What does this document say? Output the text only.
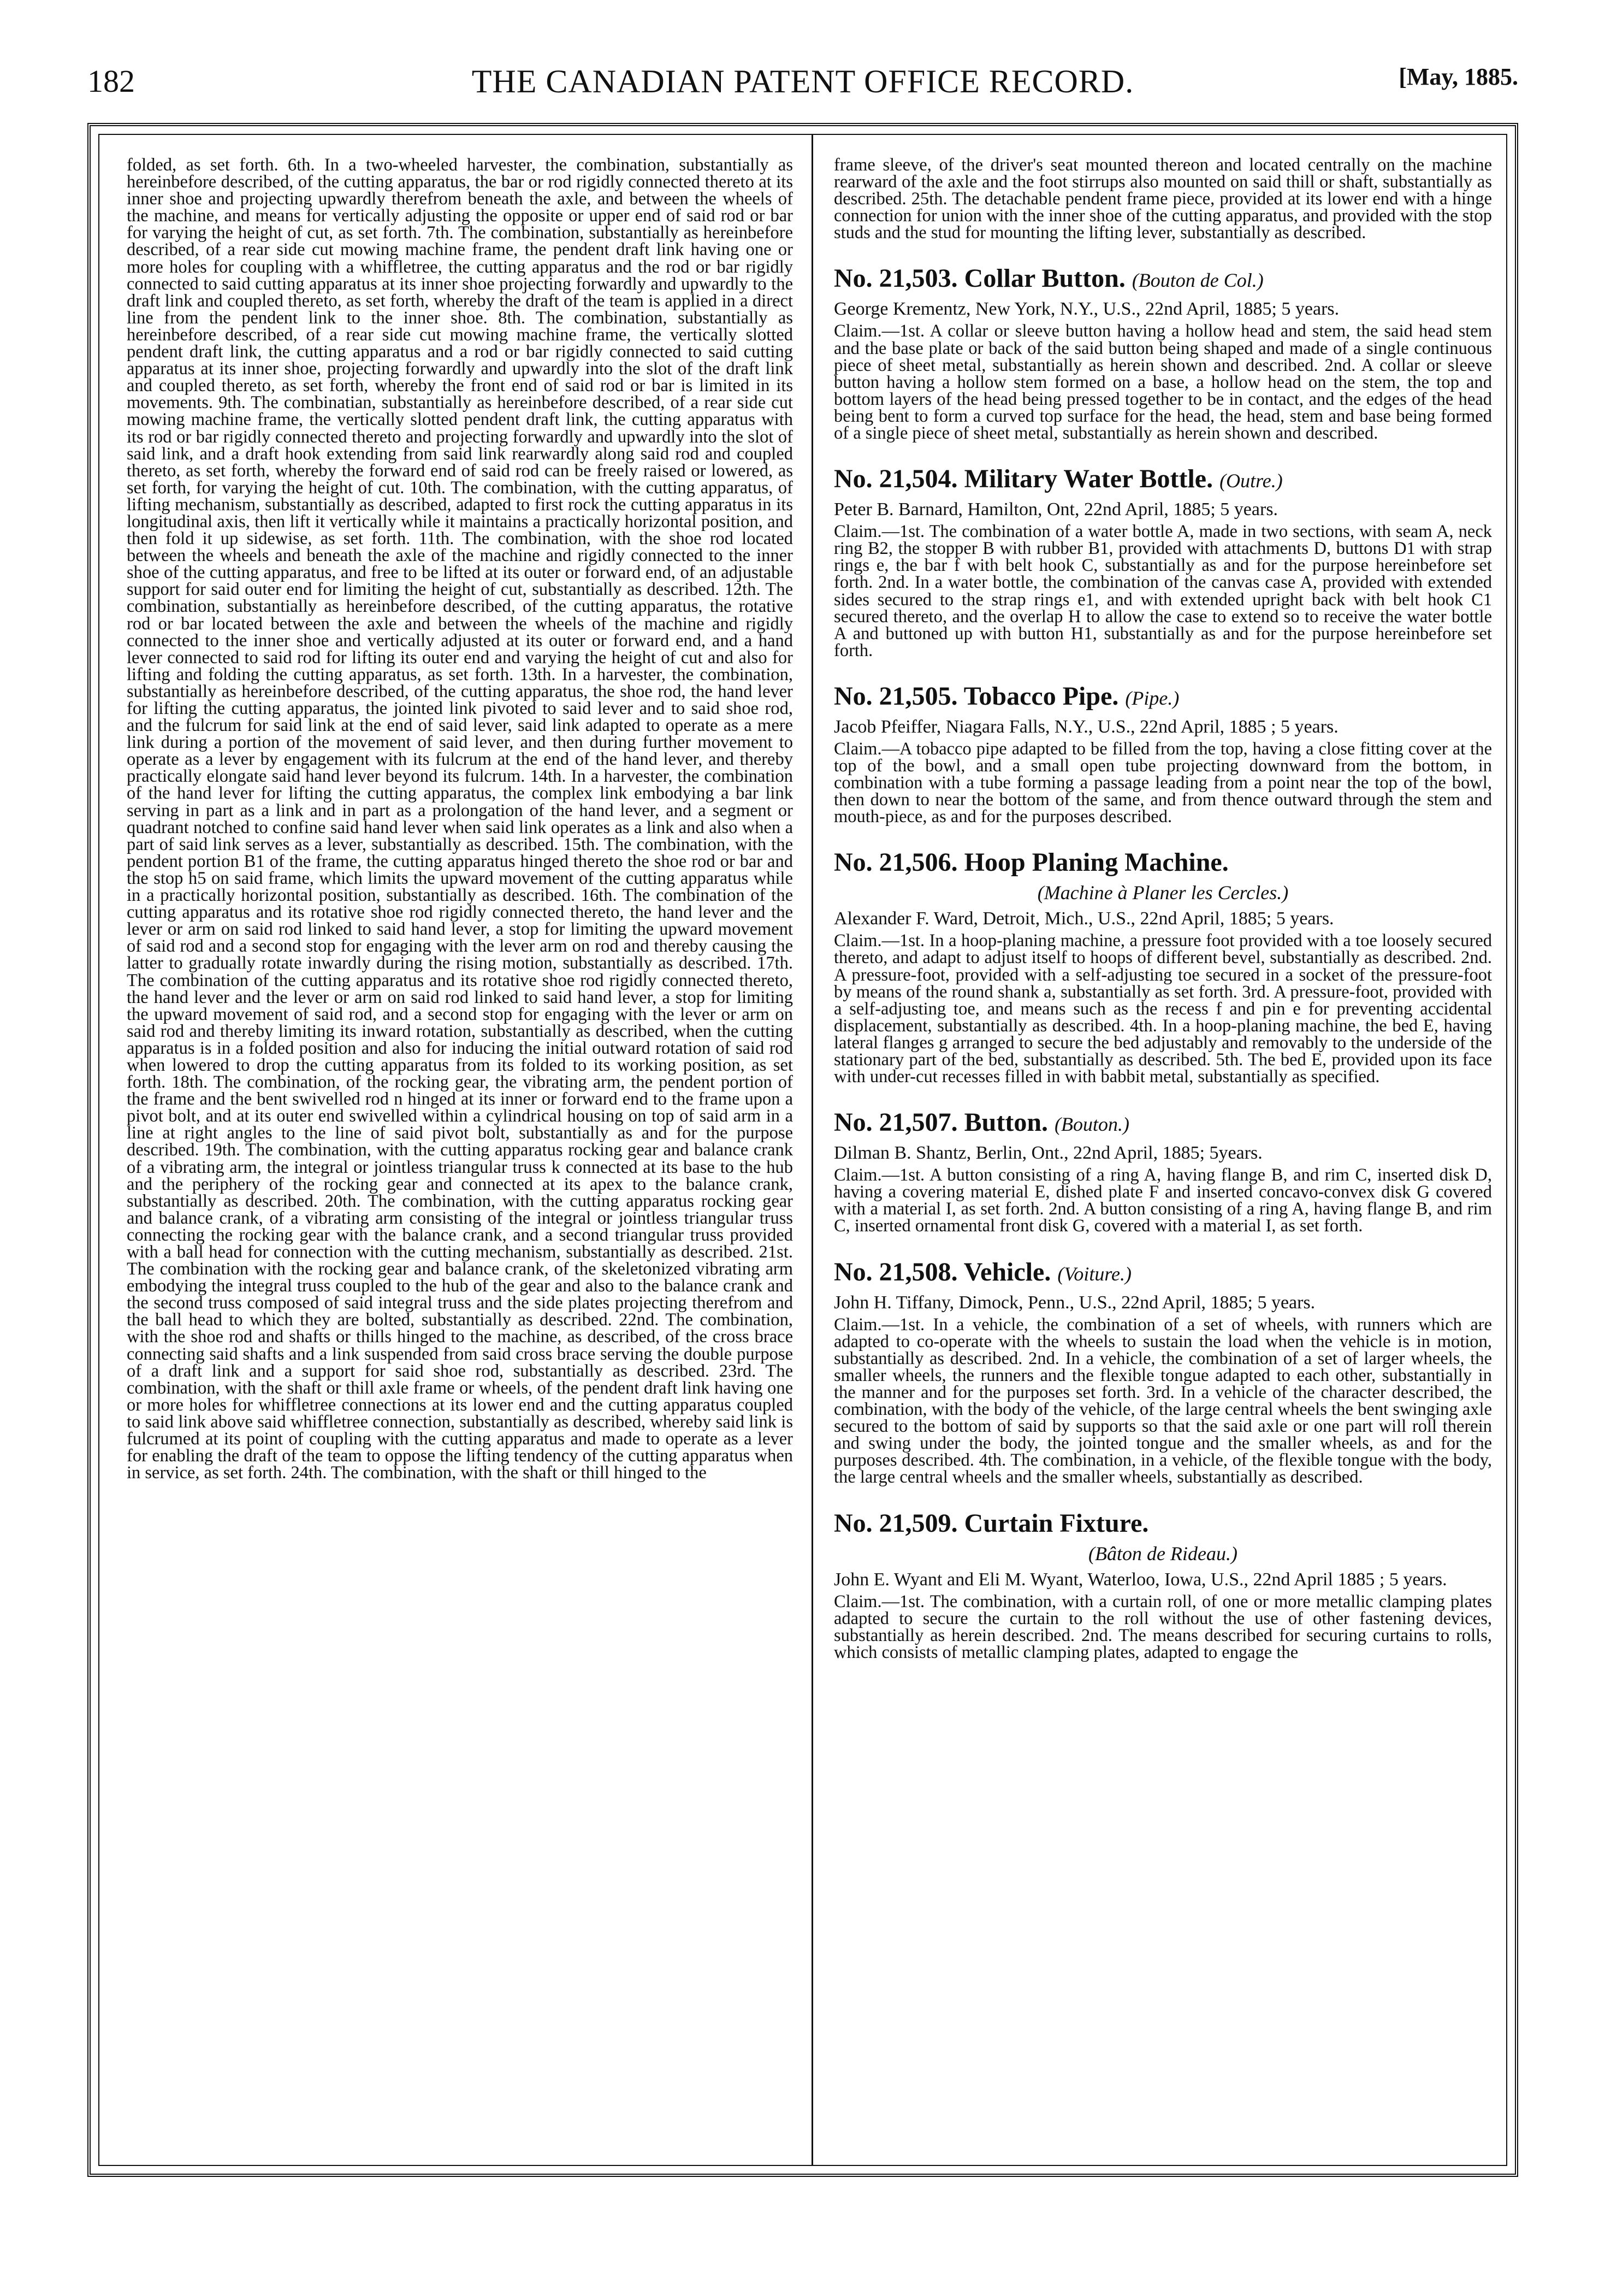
182	THE CANADIAN PATENT OFFICE RECORD.	[May, 1885.

folded, as set forth. 6th. In a two-wheeled harvester, the combination, substantially as hereinbefore described, of the cutting apparatus, the bar or rod rigidly connected thereto at its inner shoe and projecting upwardly therefrom beneath the axle, and between the wheels of the machine, and means for vertically adjusting the opposite or upper end of said rod or bar for varying the height of cut, as set forth. 7th. The combination, substantially as hereinbefore described, of a rear side cut mowing machine frame, the pendent draft link having one or more holes for coupling with a whiffletree, the cutting apparatus and the rod or bar rigidly connected to said cutting apparatus at its inner shoe projecting forwardly and upwardly to the draft link and coupled thereto, as set forth, whereby the draft of the team is applied in a direct line from the pendent link to the inner shoe. 8th. The combination, substantially as hereinbefore described, of a rear side cut mowing machine frame, the vertically slotted pendent draft link, the cutting apparatus and a rod or bar rigidly connected to said cutting apparatus at its inner shoe, projecting forwardly and upwardly into the slot of the draft link and coupled thereto, as set forth, whereby the front end of said rod or bar is limited in its movements. 9th. The combinatian, substantially as hereinbefore described, of a rear side cut mowing machine frame, the vertically slotted pendent draft link, the cutting apparatus with its rod or bar rigidly connected thereto and projecting forwardly and upwardly into the slot of said link, and a draft hook extending from said link rearwardly along said rod and coupled thereto, as set forth, whereby the forward end of said rod can be freely raised or lowered, as set forth, for varying the height of cut. 10th. The combination, with the cutting apparatus, of lifting mechanism, substantially as described, adapted to first rock the cutting apparatus in its longitudinal axis, then lift it vertically while it maintains a practically horizontal position, and then fold it up sidewise, as set forth. 11th. The combination, with the shoe rod located between the wheels and beneath the axle of the machine and rigidly connected to the inner shoe of the cutting apparatus, and free to be lifted at its outer or forward end, of an adjustable support for said outer end for limiting the height of cut, substantially as described. 12th. The combination, substantially as hereinbefore described, of the cutting apparatus, the rotative rod or bar located between the axle and between the wheels of the machine and rigidly connected to the inner shoe and vertically adjusted at its outer or forward end, and a hand lever connected to said rod for lifting its outer end and varying the height of cut and also for lifting and folding the cutting apparatus, as set forth. 13th. In a harvester, the combination, substantially as hereinbefore described, of the cutting apparatus, the shoe rod, the hand lever for lifting the cutting apparatus, the jointed link pivoted to said lever and to said shoe rod, and the fulcrum for said link at the end of said lever, said link adapted to operate as a mere link during a portion of the movement of said lever, and then during further movement to operate as a lever by engagement with its fulcrum at the end of the hand lever, and thereby practically elongate said hand lever beyond its fulcrum. 14th. In a harvester, the combination of the hand lever for lifting the cutting apparatus, the complex link embodying a bar link serving in part as a link and in part as a prolongation of the hand lever, and a segment or quadrant notched to confine said hand lever when said link operates as a link and also when a part of said link serves as a lever, substantially as described. 15th. The combination, with the pendent portion B1 of the frame, the cutting apparatus hinged thereto the shoe rod or bar and the stop h5 on said frame, which limits the upward movement of the cutting apparatus while in a practically horizontal position, substantially as described. 16th. The combination of the cutting apparatus and its rotative shoe rod rigidly connected thereto, the hand lever and the lever or arm on said rod linked to said hand lever, a stop for limiting the upward movement of said rod and a second stop for engaging with the lever arm on rod and thereby causing the latter to gradually rotate inwardly during the rising motion, substantially as described. 17th. The combination of the cutting apparatus and its rotative shoe rod rigidly connected thereto, the hand lever and the lever or arm on said rod linked to said hand lever, a stop for limiting the upward movement of said rod, and a second stop for engaging with the lever or arm on said rod and thereby limiting its inward rotation, substantially as described, when the cutting apparatus is in a folded position and also for inducing the initial outward rotation of said rod when lowered to drop the cutting apparatus from its folded to its working position, as set forth. 18th. The combination, of the rocking gear, the vibrating arm, the pendent portion of the frame and the bent swivelled rod n hinged at its inner or forward end to the frame upon a pivot bolt, and at its outer end swivelled within a cylindrical housing on top of said arm in a line at right angles to the line of said pivot bolt, substantially as and for the purpose described. 19th. The combination, with the cutting apparatus rocking gear and balance crank of a vibrating arm, the integral or jointless triangular truss k connected at its base to the hub and the periphery of the rocking gear and connected at its apex to the balance crank, substantially as described. 20th. The combination, with the cutting apparatus rocking gear and balance crank, of a vibrating arm consisting of the integral or jointless triangular truss connecting the rocking gear with the balance crank, and a second triangular truss provided with a ball head for connection with the cutting mechanism, substantially as described. 21st. The combination with the rocking gear and balance crank, of the skeletonized vibrating arm embodying the integral truss coupled to the hub of the gear and also to the balance crank and the second truss composed of said integral truss and the side plates projecting therefrom and the ball head to which they are bolted, substantially as described. 22nd. The combination, with the shoe rod and shafts or thills hinged to the machine, as described, of the cross brace connecting said shafts and a link suspended from said cross brace serving the double purpose of a draft link and a support for said shoe rod, substantially as described. 23rd. The combination, with the shaft or thill axle frame or wheels, of the pendent draft link having one or more holes for whiffletree connections at its lower end and the cutting apparatus coupled to said link above said whiffletree connection, substantially as described, whereby said link is fulcrumed at its point of coupling with the cutting apparatus and made to operate as a lever for enabling the draft of the team to oppose the lifting tendency of the cutting apparatus when in service, as set forth. 24th. The combination, with the shaft or thill hinged to the

frame sleeve, of the driver's seat mounted thereon and located centrally on the machine rearward of the axle and the foot stirrups also mounted on said thill or shaft, substantially as described. 25th. The detachable pendent frame piece, provided at its lower end with a hinge connection for union with the inner shoe of the cutting apparatus, and provided with the stop studs and the stud for mounting the lifting lever, substantially as described.

No. 21,503. Collar Button. (Bouton de Col.)
George Krementz, New York, N.Y., U.S., 22nd April, 1885; 5 years.

Claim.—1st. A collar or sleeve button having a hollow head and stem, the said head stem and the base plate or back of the said button being shaped and made of a single continuous piece of sheet metal, substantially as herein shown and described. 2nd. A collar or sleeve button having a hollow stem formed on a base, a hollow head on the stem, the top and bottom layers of the head being pressed together to be in contact, and the edges of the head being bent to form a curved top surface for the head, the head, stem and base being formed of a single piece of sheet metal, substantially as herein shown and described.

No. 21,504. Military Water Bottle. (Outre.)
Peter B. Barnard, Hamilton, Ont, 22nd April, 1885; 5 years.

Claim.—1st. The combination of a water bottle A, made in two sections, with seam A, neck ring B2, the stopper B with rubber B1, provided with attachments D, buttons D1 with strap rings e, the bar f with belt hook C, substantially as and for the purpose hereinbefore set forth. 2nd. In a water bottle, the combination of the canvas case A, provided with extended sides secured to the strap rings e1, and with extended upright back with belt hook C1 secured thereto, and the overlap H to allow the case to extend so to receive the water bottle A and buttoned up with button H1, substantially as and for the purpose hereinbefore set forth.

No. 21,505. Tobacco Pipe. (Pipe.)
Jacob Pfeiffer, Niagara Falls, N.Y., U.S., 22nd April, 1885 ; 5 years.

Claim.—A tobacco pipe adapted to be filled from the top, having a close fitting cover at the top of the bowl, and a small open tube projecting downward from the bottom, in combination with a tube forming a passage leading from a point near the top of the bowl, then down to near the bottom of the same, and from thence outward through the stem and mouth-piece, as and for the purposes described.

No. 21,506. Hoop Planing Machine.
(Machine à Planer les Cercles.)
Alexander F. Ward, Detroit, Mich., U.S., 22nd April, 1885; 5 years.

Claim.—1st. In a hoop-planing machine, a pressure foot provided with a toe loosely secured thereto, and adapt to adjust itself to hoops of different bevel, substantially as described. 2nd. A pressure-foot, provided with a self-adjusting toe secured in a socket of the pressure-foot by means of the round shank a, substantially as set forth. 3rd. A pressure-foot, provided with a self-adjusting toe, and means such as the recess f and pin e for preventing accidental displacement, substantially as described. 4th. In a hoop-planing machine, the bed E, having lateral flanges g arranged to secure the bed adjustably and removably to the underside of the stationary part of the bed, substantially as described. 5th. The bed E, provided upon its face with under-cut recesses filled in with babbit metal, substantially as specified.

No. 21,507. Button. (Bouton.)
Dilman B. Shantz, Berlin, Ont., 22nd April, 1885; 5years.

Claim.—1st. A button consisting of a ring A, having flange B, and rim C, inserted disk D, having a covering material E, dished plate F and inserted concavo-convex disk G covered with a material I, as set forth. 2nd. A button consisting of a ring A, having flange B, and rim C, inserted ornamental front disk G, covered with a material I, as set forth.

No. 21,508. Vehicle. (Voiture.)
John H. Tiffany, Dimock, Penn., U.S., 22nd April, 1885; 5 years.

Claim.—1st. In a vehicle, the combination of a set of wheels, with runners which are adapted to co-operate with the wheels to sustain the load when the vehicle is in motion, substantially as described. 2nd. In a vehicle, the combination of a set of larger wheels, the smaller wheels, the runners and the flexible tongue adapted to each other, substantially in the manner and for the purposes set forth. 3rd. In a vehicle of the character described, the combination, with the body of the vehicle, of the large central wheels the bent swinging axle secured to the bottom of said by supports so that the said axle or one part will roll therein and swing under the body, the jointed tongue and the smaller wheels, as and for the purposes described. 4th. The combination, in a vehicle, of the flexible tongue with the body, the large central wheels and the smaller wheels, substantially as described.

No. 21,509. Curtain Fixture.
(Bâton de Rideau.)
John E. Wyant and Eli M. Wyant, Waterloo, Iowa, U.S., 22nd April 1885 ; 5 years.

Claim.—1st. The combination, with a curtain roll, of one or more metallic clamping plates adapted to secure the curtain to the roll without the use of other fastening devices, substantially as herein described. 2nd. The means described for securing curtains to rolls, which consists of metallic clamping plates, adapted to engage the
